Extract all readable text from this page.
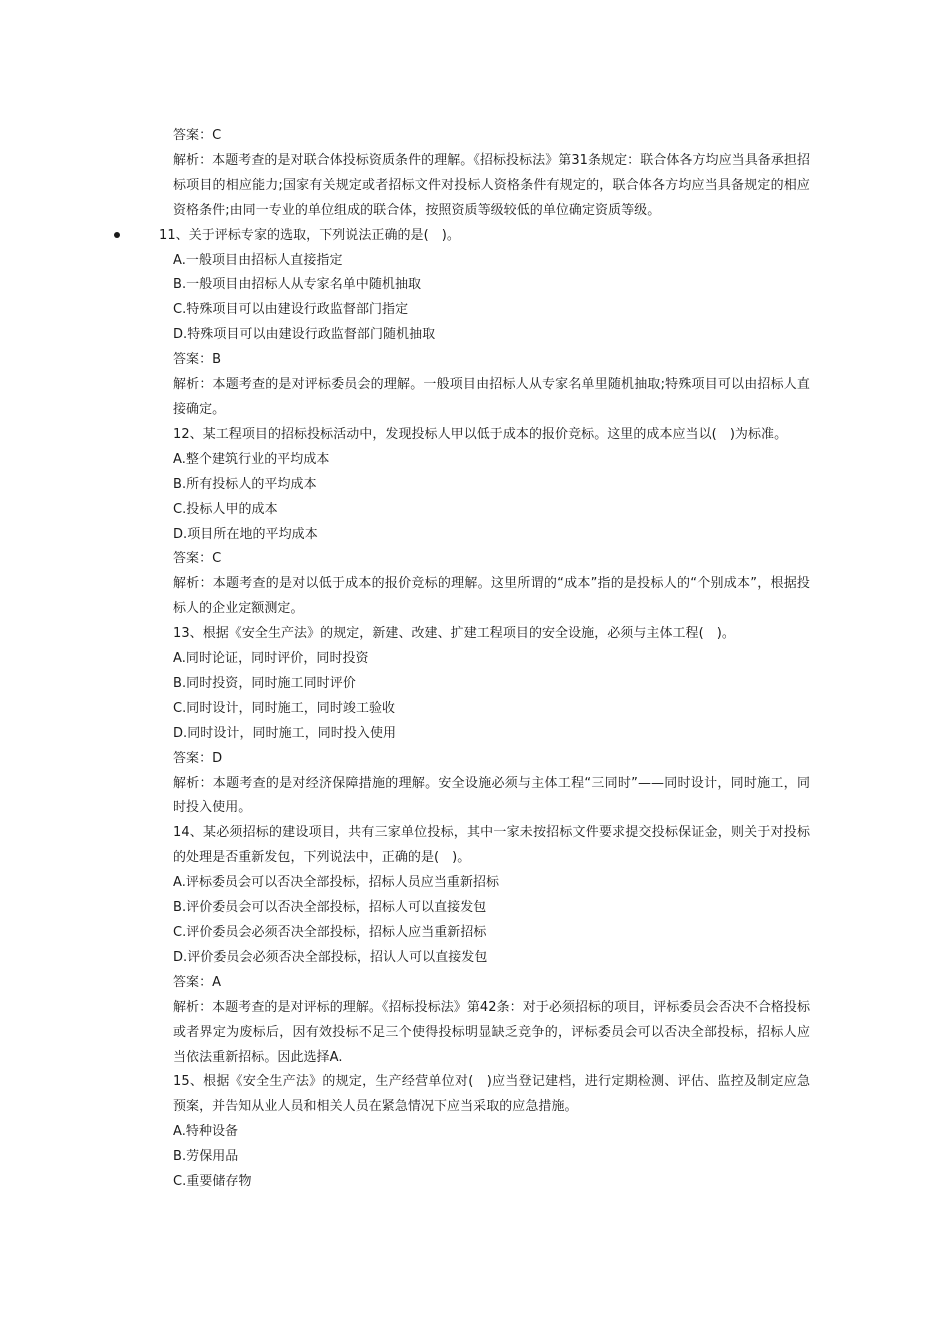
答案：C

解析：本题考查的是对联合体投标资质条件的理解。《招标投标法》第31条规定：联合体各方均应当具备承担招标项目的相应能力;国家有关规定或者招标文件对投标人资格条件有规定的，联合体各方均应当具备规定的相应资格条件;由同一专业的单位组成的联合体，按照资质等级较低的单位确定资质等级。

11、关于评标专家的选取，下列说法正确的是(　)。

A.一般项目由招标人直接指定

B.一般项目由招标人从专家名单中随机抽取

C.特殊项目可以由建设行政监督部门指定

D.特殊项目可以由建设行政监督部门随机抽取

答案：B

解析：本题考查的是对评标委员会的理解。一般项目由招标人从专家名单里随机抽取;特殊项目可以由招标人直接确定。

12、某工程项目的招标投标活动中，发现投标人甲以低于成本的报价竞标。这里的成本应当以(　)为标准。

A.整个建筑行业的平均成本

B.所有投标人的平均成本

C.投标人甲的成本

D.项目所在地的平均成本

答案：C

解析：本题考查的是对以低于成本的报价竞标的理解。这里所谓的“成本”指的是投标人的“个别成本”，根据投标人的企业定额测定。

13、根据《安全生产法》的规定，新建、改建、扩建工程项目的安全设施，必须与主体工程(　)。

A.同时论证，同时评价，同时投资

B.同时投资，同时施工同时评价

C.同时设计，同时施工，同时竣工验收

D.同时设计，同时施工，同时投入使用

答案：D

解析：本题考查的是对经济保障措施的理解。安全设施必须与主体工程“三同时”——同时设计，同时施工，同时投入使用。

14、某必须招标的建设项目，共有三家单位投标，其中一家未按招标文件要求提交投标保证金，则关于对投标的处理是否重新发包，下列说法中，正确的是(　)。

A.评标委员会可以否决全部投标，招标人员应当重新招标

B.评价委员会可以否决全部投标，招标人可以直接发包

C.评价委员会必须否决全部投标，招标人应当重新招标

D.评价委员会必须否决全部投标，招认人可以直接发包

答案：A

解析：本题考查的是对评标的理解。《招标投标法》第42条：对于必须招标的项目，评标委员会否决不合格投标或者界定为废标后，因有效投标不足三个使得投标明显缺乏竞争的，评标委员会可以否决全部投标，招标人应当依法重新招标。因此选择A.

15、根据《安全生产法》的规定，生产经营单位对(　)应当登记建档，进行定期检测、评估、监控及制定应急预案，并告知从业人员和相关人员在紧急情况下应当采取的应急措施。

A.特种设备

B.劳保用品

C.重要储存物
